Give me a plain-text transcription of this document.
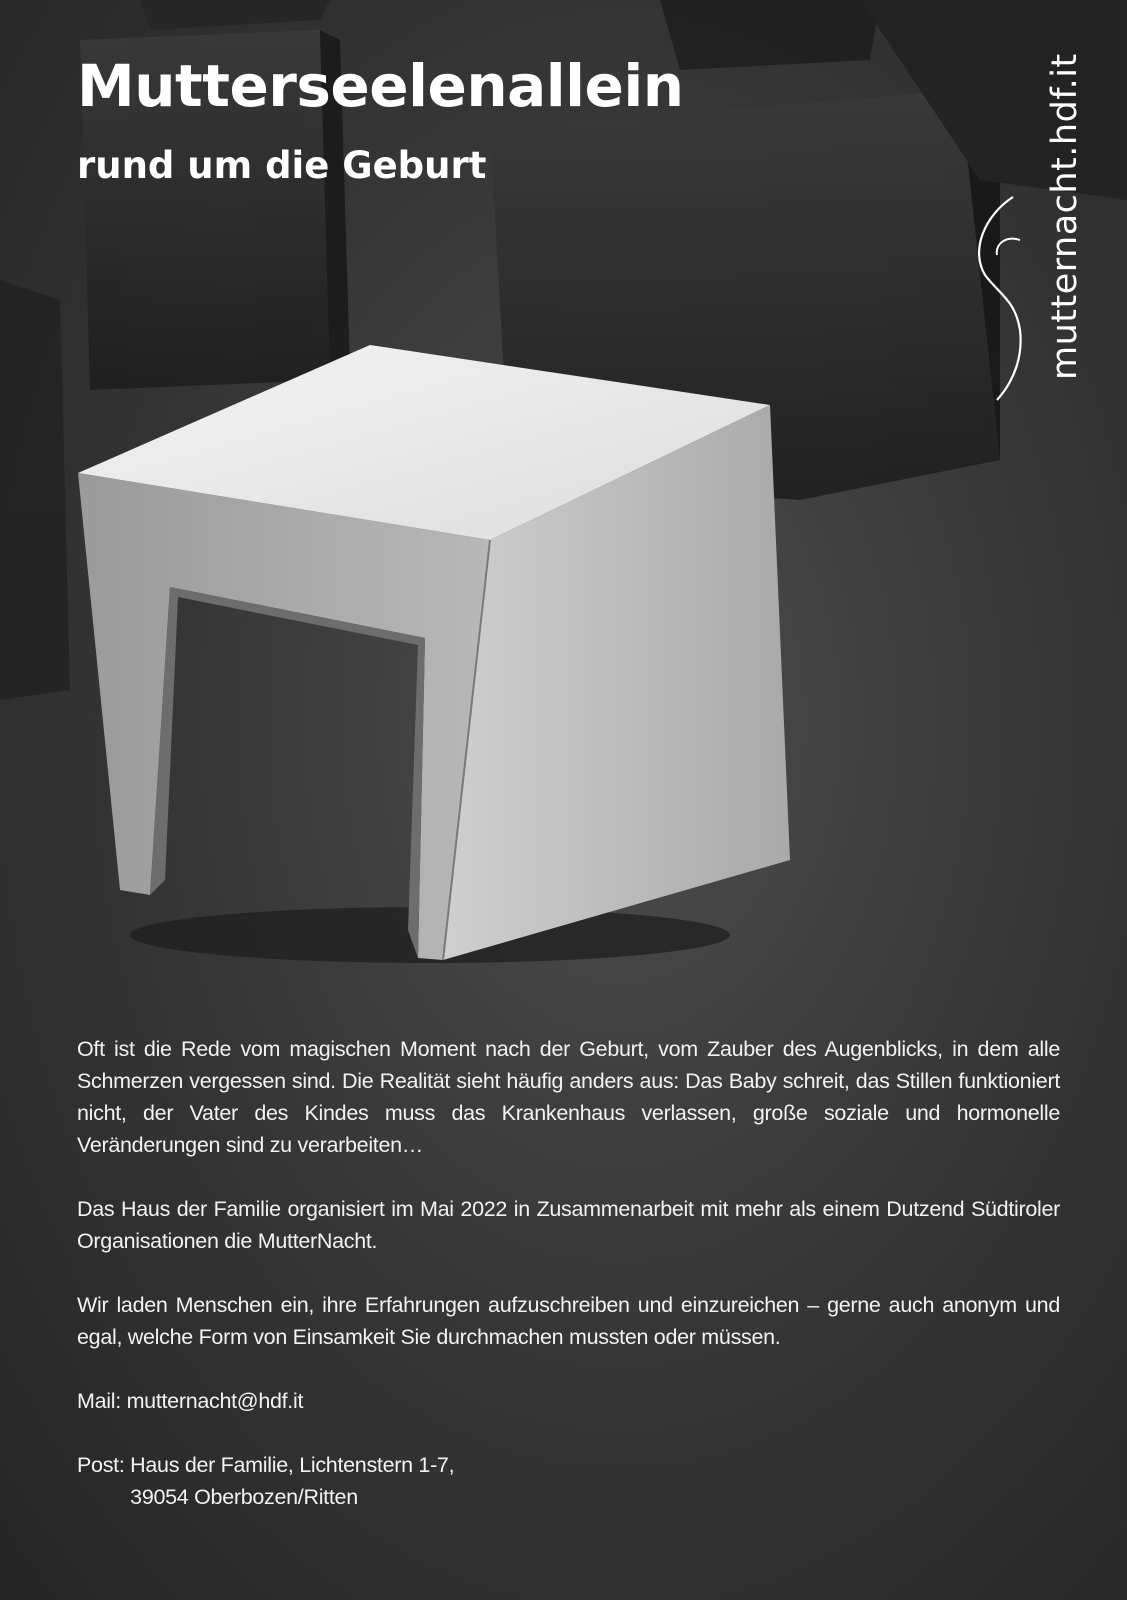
Mutterseelenallein
rund um die Geburt	mutternacht.hdf.it

Oft ist die Rede vom magischen Moment nach der Geburt, vom Zauber des Augenblicks, in dem alle Schmerzen vergessen sind. Die Realität sieht häufig anders aus: Das Baby schreit, das Stillen funktioniert nicht, der Vater des Kindes muss das Krankenhaus verlassen, große soziale und hormonelle Veränderungen sind zu verarbeiten…

Das Haus der Familie organisiert im Mai 2022 in Zusammenarbeit mit mehr als einem Dutzend Südtiroler Organisationen die MutterNacht.

Wir laden Menschen ein, ihre Erfahrungen aufzuschreiben und einzureichen – gerne auch anonym und egal, welche Form von Einsamkeit Sie durchmachen mussten oder müssen.

Mail: mutternacht@hdf.it
Post: Haus der Familie, Lichtenstern 1-7,
39054 Oberbozen/Ritten
